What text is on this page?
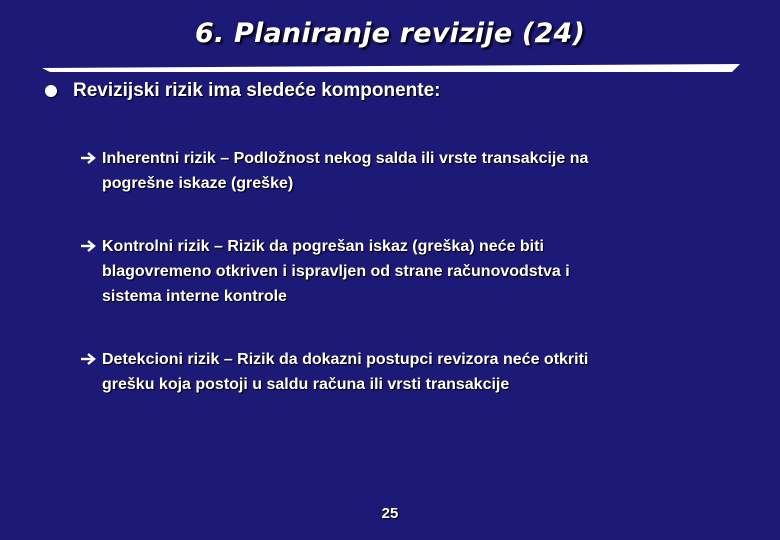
6. Planiranje revizije (24)
Revizijski rizik ima sledeće komponente:
Inherentni rizik – Podložnost nekog salda ili vrste transakcije na
pogrešne iskaze (greške)
Kontrolni rizik – Rizik da pogrešan iskaz (greška) neće biti
blagovremeno otkriven i ispravljen od strane računovodstva i
sistema interne kontrole
Detekcioni rizik – Rizik da dokazni postupci revizora neće otkriti
grešku koja postoji u saldu računa ili vrsti transakcije
25
